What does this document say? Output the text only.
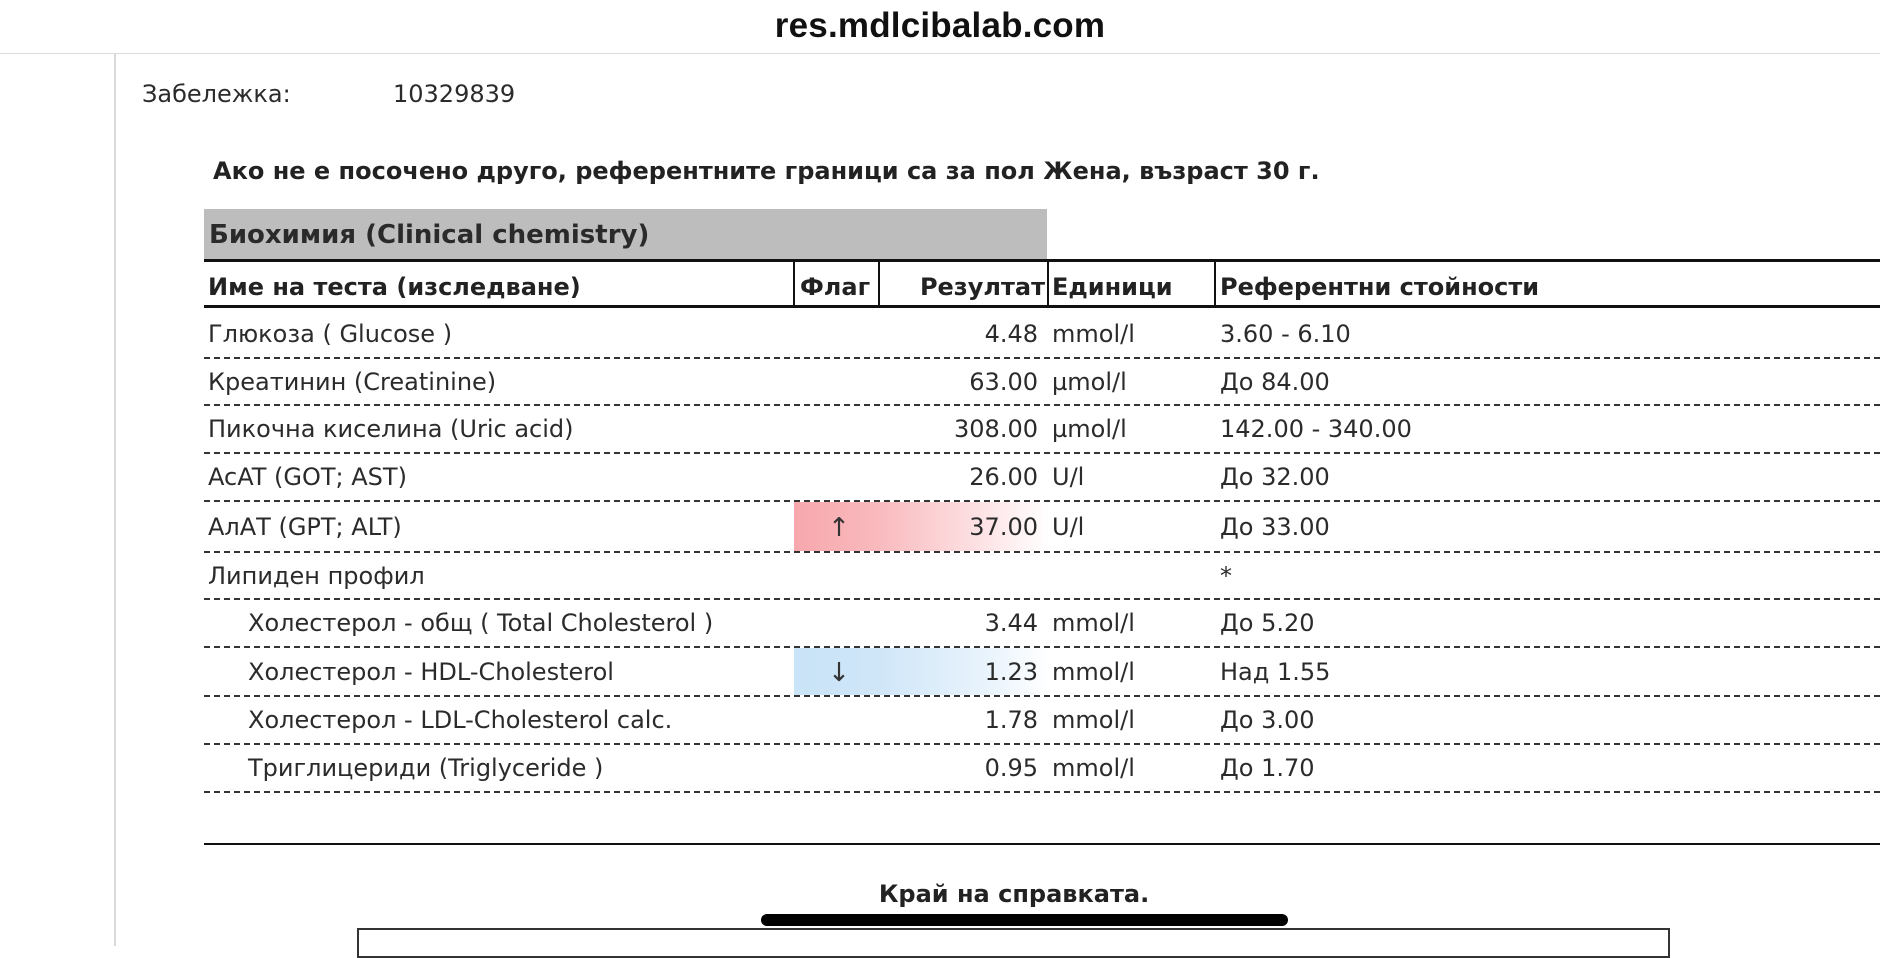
res.mdlcibalab.com
Забележка:	10329839
Ако не е посочено друго, референтните граници са за пол Жена, възраст 30 г.
Биохимия (Clinical chemistry)
Име на теста (изследване)	Флаг Резултат Единици Референтни стойности
Глюкоза ( Glucose )	4.48 mmol/l	3.60 - 6.10
Креатинин (Creatinine)	63.00 µmol/l	До 84.00
Пикочна киселина (Uric acid)	308.00 µmol/l	142.00 - 340.00
AcAT (GOT; AST)	26.00 U/l	До 32.00
АлАТ (GPT; ALT)	↑	37.00 U/l	До 33.00
Липиден профил	*
Холестерол - общ ( Total Cholesterol )	3.44 mmol/l	До 5.20
Холестерол - HDL-Cholesterol	↓	1.23 mmol/l	Над 1.55
Холестерол - LDL-Cholesterol calc.	1.78 mmol/l	До 3.00
Триглицериди (Triglyceride )	0.95 mmol/l	До 1.70
Край на справката.
